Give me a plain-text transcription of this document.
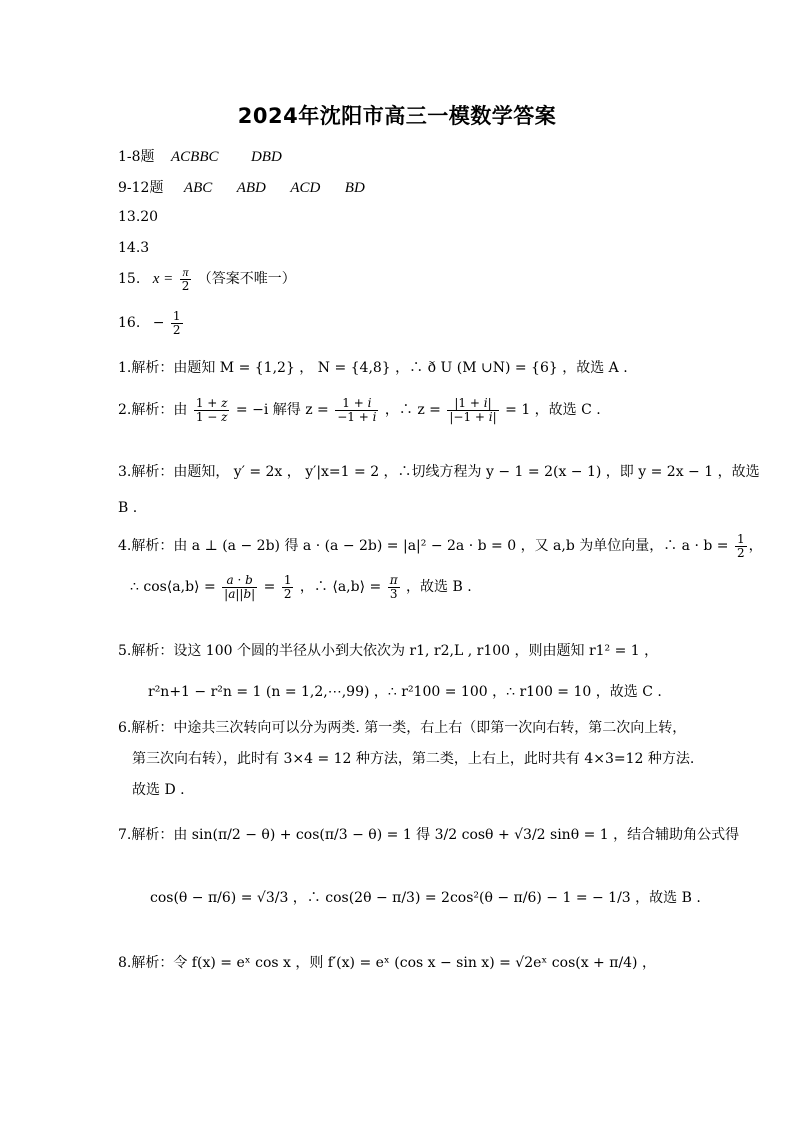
2024年沈阳市高三一模数学答案
1-8题 ACBBC DBD
9-12题 ABC ABD ACD BD
13.20
14.3
15. $x = \frac{\pi}{2}$ （答案不唯一）
16. − $\frac{1}{2}$
1.解析：由题知 M = {1,2} ， N = {4,8} ，∴ ð U (M ∪N) = {6} ，故选 A .
2.解析：由 $\frac{1 + z}{1 - z} = -i$ 解得 $z = \frac{1 + i}{-1 + i}$ ，∴ $z = \frac{|1 + i|}{|-1 + i|} = 1$ ，故选 C .
3.解析：由题知， y′ = 2x ， y′|x=1 = 2 ，∴切线方程为 y − 1 = 2(x − 1) ，即 y = 2x − 1 ，故选
B .
4.解析：由 a ⊥ (a − 2b) 得 a · (a − 2b) = |a|² − 2a · b = 0 ，又 a,b 为单位向量，∴ $a \cdot b = \frac{1}{2}$ ，
∴ cos⟨a,b⟩ = $\frac{a \cdot b}{|a||b|} = \frac{1}{2}$ ，∴ ⟨a,b⟩ = $\frac{\pi}{3}$ ，故选 B .
5.解析：设这 100 个圆的半径从小到大依次为 r1, r2,L , r100 ，则由题知 r1² = 1 ，
r²n+1 − r²n = 1 (n = 1,2,⋯,99) ，∴ r²100 = 100 ，∴ r100 = 10 ，故选 C .
6.解析：中途共三次转向可以分为两类. 第一类，右上右（即第一次向右转，第二次向上转，
第三次向右转），此时有 3×4 = 12 种方法，第二类，上右上，此时共有 4×3=12 种方法.
故选 D .
7.解析：由 sin(π/2 − θ) + cos(π/3 − θ) = 1 得 3/2 cosθ + √3/2 sinθ = 1 ，结合辅助角公式得
cos(θ − π/6) = √3/3 ，∴ cos(2θ − π/3) = 2cos²(θ − π/6) − 1 = − 1/3 ，故选 B .
8.解析：令 f(x) = eˣ cos x ，则 f′(x) = eˣ (cos x − sin x) = √2eˣ cos(x + π/4) ，
